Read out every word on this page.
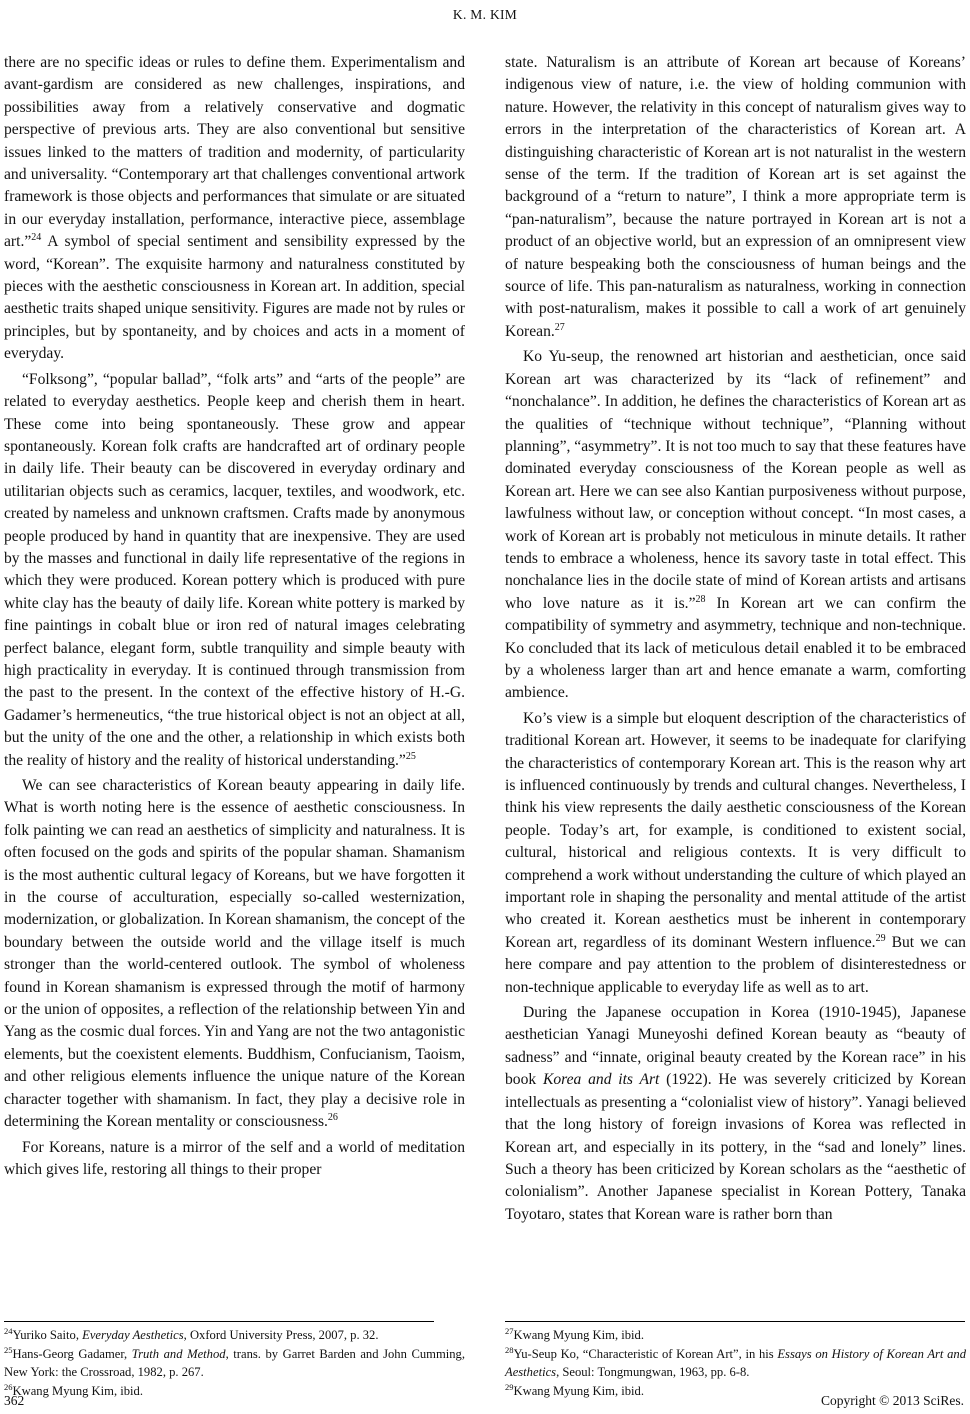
K. M. KIM

there are no specific ideas or rules to define them. Experimentalism and avant-gardism are considered as new challenges, inspirations, and possibilities away from a relatively conservative and dogmatic perspective of previous arts. They are also conventional but sensitive issues linked to the matters of tradition and modernity, of particularity and universality. “Contemporary art that challenges conventional artwork framework is those objects and performances that simulate or are situated in our everyday installation, performance, interactive piece, assemblage art.”$^{24}$ A symbol of special sentiment and sensibility expressed by the word, “Korean”. The exquisite harmony and naturalness constituted by pieces with the aesthetic consciousness in Korean art. In addition, special aesthetic traits shaped unique sensitivity. Figures are made not by rules or principles, but by spontaneity, and by choices and acts in a moment of everyday.

“Folksong”, “popular ballad”, “folk arts” and “arts of the people” are related to everyday aesthetics. People keep and cherish them in heart. These come into being spontaneously. These grow and appear spontaneously. Korean folk crafts are handcrafted art of ordinary people in daily life. Their beauty can be discovered in everyday ordinary and utilitarian objects such as ceramics, lacquer, textiles, and woodwork, etc. created by nameless and unknown craftsmen. Crafts made by anonymous people produced by hand in quantity that are inexpensive. They are used by the masses and functional in daily life representative of the regions in which they were produced. Korean pottery which is produced with pure white clay has the beauty of daily life. Korean white pottery is marked by fine paintings in cobalt blue or iron red of natural images celebrating perfect balance, elegant form, subtle tranquility and simple beauty with high practicality in everyday. It is continued through transmission from the past to the present. In the context of the effective history of H.-G. Gadamer’s hermeneutics, “the true historical object is not an object at all, but the unity of the one and the other, a relationship in which exists both the reality of history and the reality of historical understanding.”$^{25}$

We can see characteristics of Korean beauty appearing in daily life. What is worth noting here is the essence of aesthetic consciousness. In folk painting we can read an aesthetics of simplicity and naturalness. It is often focused on the gods and spirits of the popular shaman. Shamanism is the most authentic cultural legacy of Koreans, but we have forgotten it in the course of acculturation, especially so-called westernization, modernization, or globalization. In Korean shamanism, the concept of the boundary between the outside world and the village itself is much stronger than the world-centered outlook. The symbol of wholeness found in Korean shamanism is expressed through the motif of harmony or the union of opposites, a reflection of the relationship between Yin and Yang as the cosmic dual forces. Yin and Yang are not the two antagonistic elements, but the coexistent elements. Buddhism, Confucianism, Taoism, and other religious elements influence the unique nature of the Korean character together with shamanism. In fact, they play a decisive role in determining the Korean mentality or consciousness.$^{26}$

For Koreans, nature is a mirror of the self and a world of meditation which gives life, restoring all things to their proper

state. Naturalism is an attribute of Korean art because of Koreans’ indigenous view of nature, i.e. the view of holding communion with nature. However, the relativity in this concept of naturalism gives way to errors in the interpretation of the characteristics of Korean art. A distinguishing characteristic of Korean art is not naturalist in the western sense of the term. If the tradition of Korean art is set against the background of a “return to nature”, I think a more appropriate term is “pan-naturalism”, because the nature portrayed in Korean art is not a product of an objective world, but an expression of an omnipresent view of nature bespeaking both the consciousness of human beings and the source of life. This pan-naturalism as naturalness, working in connection with post-naturalism, makes it possible to call a work of art genuinely Korean.$^{27}$

Ko Yu-seup, the renowned art historian and aesthetician, once said Korean art was characterized by its “lack of refinement” and “nonchalance”. In addition, he defines the characteristics of Korean art as the qualities of “technique without technique”, “Planning without planning”, “asymmetry”. It is not too much to say that these features have dominated everyday consciousness of the Korean people as well as Korean art. Here we can see also Kantian purposiveness without purpose, lawfulness without law, or conception without concept. “In most cases, a work of Korean art is probably not meticulous in minute details. It rather tends to embrace a wholeness, hence its savory taste in total effect. This nonchalance lies in the docile state of mind of Korean artists and artisans who love nature as it is.”$^{28}$ In Korean art we can confirm the compatibility of symmetry and asymmetry, technique and non-technique. Ko concluded that its lack of meticulous detail enabled it to be embraced by a wholeness larger than art and hence emanate a warm, comforting ambience.

Ko’s view is a simple but eloquent description of the characteristics of traditional Korean art. However, it seems to be inadequate for clarifying the characteristics of contemporary Korean art. This is the reason why art is influenced continuously by trends and cultural changes. Nevertheless, I think his view represents the daily aesthetic consciousness of the Korean people. Today’s art, for example, is conditioned to existent social, cultural, historical and religious contexts. It is very difficult to comprehend a work without understanding the culture of which played an important role in shaping the personality and mental attitude of the artist who created it. Korean aesthetics must be inherent in contemporary Korean art, regardless of its dominant Western influence.$^{29}$ But we can here compare and pay attention to the problem of disinterestedness or non-technique applicable to everyday life as well as to art.

During the Japanese occupation in Korea (1910-1945), Japanese aesthetician Yanagi Muneyoshi defined Korean beauty as “beauty of sadness” and “innate, original beauty created by the Korean race” in his book Korea and its Art (1922). He was severely criticized by Korean intellectuals as presenting a “colonialist view of history”. Yanagi believed that the long history of foreign invasions of Korea was reflected in Korean art, and especially in its pottery, in the “sad and lonely” lines. Such a theory has been criticized by Korean scholars as the “aesthetic of colonialism”. Another Japanese specialist in Korean Pottery, Tanaka Toyotaro, states that Korean ware is rather born than

$^{24}$Yuriko Saito, Everyday Aesthetics, Oxford University Press, 2007, p. 32.

$^{25}$Hans-Georg Gadamer, Truth and Method, trans. by Garret Barden and John Cumming, New York: the Crossroad, 1982, p. 267.

$^{26}$Kwang Myung Kim, ibid.

$^{27}$Kwang Myung Kim, ibid.

$^{28}$Yu-Seup Ko, “Characteristic of Korean Art”, in his Essays on History of Korean Art and Aesthetics, Seoul: Tongmungwan, 1963, pp. 6-8.

$^{29}$Kwang Myung Kim, ibid.

362	Copyright © 2013 SciRes.
